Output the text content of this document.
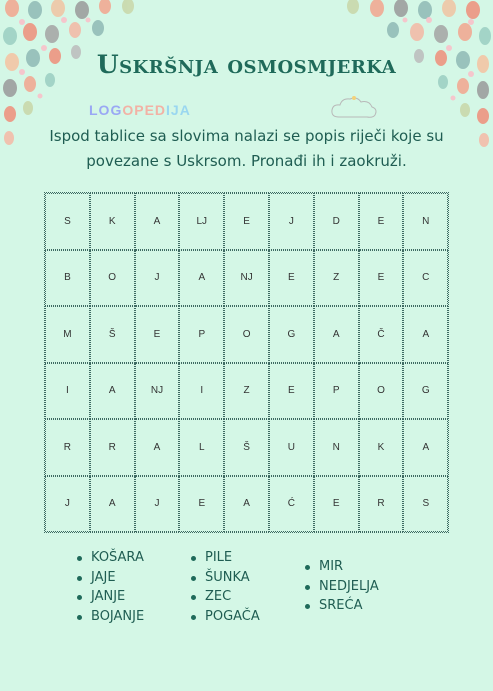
Uskršnja osmosmjerka
LOGOPEDIJA
Ispod tablice sa slovima nalazi se popis riječi koje su povezane s Uskrsom. Pronađi ih i zaokruži.
S	K	A	LJ	E	J	D	E	N
B	O	J	A	NJ	E	Z	E	C
M	Š	E	P	O	G	A	Č	A
I	A	NJ	I	Z	E	P	O	G
R	R	A	L	Š	U	N	K	A
J	A	J	E	A	Ć	E	R	S
KOŠARA
JAJE
JANJE
BOJANJE
PILE
ŠUNKA
ZEC
POGAČA
MIR
NEDJELJA
SREĆA
